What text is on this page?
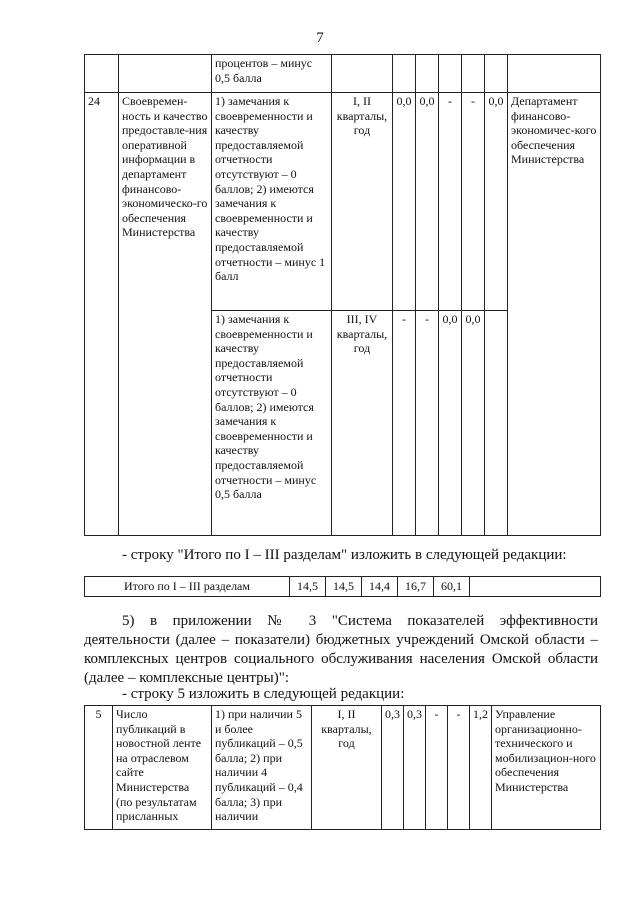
7
		процентов – минус 0,5 балла							
24	Своевремен-ность и качество предоставле-ния оперативной информации в департамент финансово-экономическо-го обеспечения Министерства	1) замечания к своевременности и качеству предоставляемой отчетности отсутствуют – 0 баллов; 2) имеются замечания к своевременности и качеству предоставляемой отчетности – минус 1 балл	I, II кварталы, год	0,0	0,0	-	-	0,0	Департамент финансово-экономичес-кого обеспечения Министерства
		1) замечания к своевременности и качеству предоставляемой отчетности отсутствуют – 0 баллов; 2) имеются замечания к своевременности и качеству предоставляемой отчетности – минус 0,5 балла	III, IV кварталы, год	-	-	0,0	0,0		
- строку "Итого по I – III разделам" изложить в следующей редакции:
Итого по I – III разделам	14,5	14,5	14,4	16,7	60,1	
5) в приложении № 3 "Система показателей эффективности
деятельности (далее – показатели) бюджетных учреждений Омской области –
комплексных центров социального обслуживания населения Омской области
(далее – комплексные центры)":
- строку 5 изложить в следующей редакции:
5	Число публикаций в новостной ленте на отраслевом сайте Министерства (по результатам присланных	1) при наличии 5 и более публикаций – 0,5 балла; 2) при наличии 4 публикаций – 0,4 балла; 3) при наличии	I, II кварталы, год	0,3	0,3	-	-	1,2	Управление организационно-технического и мобилизацион-ного обеспечения Министерства
